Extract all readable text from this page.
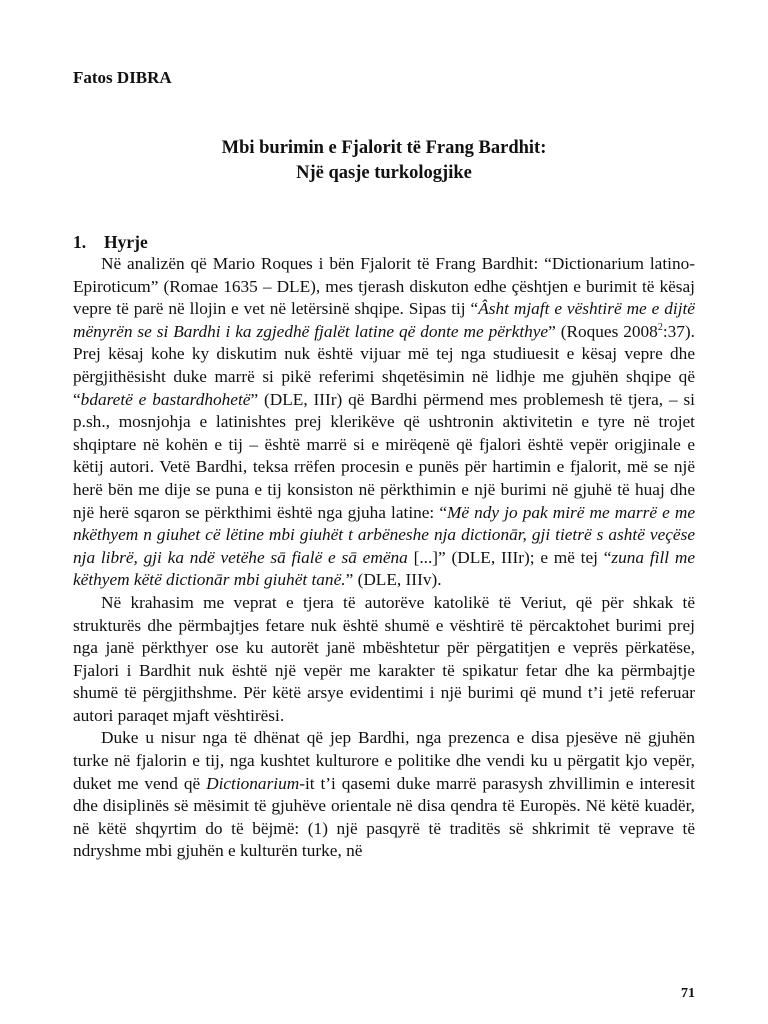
Fatos DIBRA
Mbi burimin e Fjalorit të Frang Bardhit:
Një qasje turkologjike
1. Hyrje

Në analizën që Mario Roques i bën Fjalorit të Frang Bardhit: “Dictionarium latino-Epiroticum” (Romae 1635 – DLE), mes tjerash diskuton edhe çështjen e burimit të kësaj vepre të parë në llojin e vet në letërsinë shqipe. Sipas tij “Âsht mjaft e vështirë me e dijtë mënyrën se si Bardhi i ka zgjedhë fjalët latine që donte me përkthye” (Roques 2008$^2$:37). Prej kësaj kohe ky diskutim nuk është vijuar më tej nga studiuesit e kësaj vepre dhe përgjithësisht duke marrë si pikë referimi shqetësimin në lidhje me gjuhën shqipe që “bdaretë e bastardhohetë” (DLE, IIIr) që Bardhi përmend mes problemesh të tjera, – si p.sh., mosnjohja e latinishtes prej klerikëve që ushtronin aktivitetin e tyre në trojet shqiptare në kohën e tij – është marrë si e mirëqenë që fjalori është vepër origjinale e këtij autori. Vetë Bardhi, teksa rrëfen procesin e punës për hartimin e fjalorit, më se një herë bën me dije se puna e tij konsiston në përkthimin e një burimi në gjuhë të huaj dhe një herë sqaron se përkthimi është nga gjuha latine: “Më ndy jo pak mirë me marrë e me nkëthyem n giuhet cë lëtine mbi giuhët t arbëneshe nja dictionār, gji tietrë s ashtë veçëse nja librë, gji ka ndë vetëhe sā fialë e sā emëna [...]” (DLE, IIIr); e më tej “zuna fill me këthyem këtë dictionār mbi giuhët tanë.” (DLE, IIIv).

Në krahasim me veprat e tjera të autorëve katolikë të Veriut, që për shkak të strukturës dhe përmbajtjes fetare nuk është shumë e vështirë të përcaktohet burimi prej nga janë përkthyer ose ku autorët janë mbështetur për përgatitjen e veprës përkatëse, Fjalori i Bardhit nuk është një vepër me karakter të spikatur fetar dhe ka përmbajtje shumë të përgjithshme. Për këtë arsye evidentimi i një burimi që mund t’i jetë referuar autori paraqet mjaft vështirësi.

Duke u nisur nga të dhënat që jep Bardhi, nga prezenca e disa pjesëve në gjuhën turke në fjalorin e tij, nga kushtet kulturore e politike dhe vendi ku u përgatit kjo vepër, duket me vend që Dictionarium-it t’i qasemi duke marrë parasysh zhvillimin e interesit dhe disiplinës së mësimit të gjuhëve orientale në disa qendra të Europës. Në këtë kuadër, në këtë shqyrtim do të bëjmë: (1) një pasqyrë të traditës së shkrimit të veprave të ndryshme mbi gjuhën e kulturën turke, në

71
